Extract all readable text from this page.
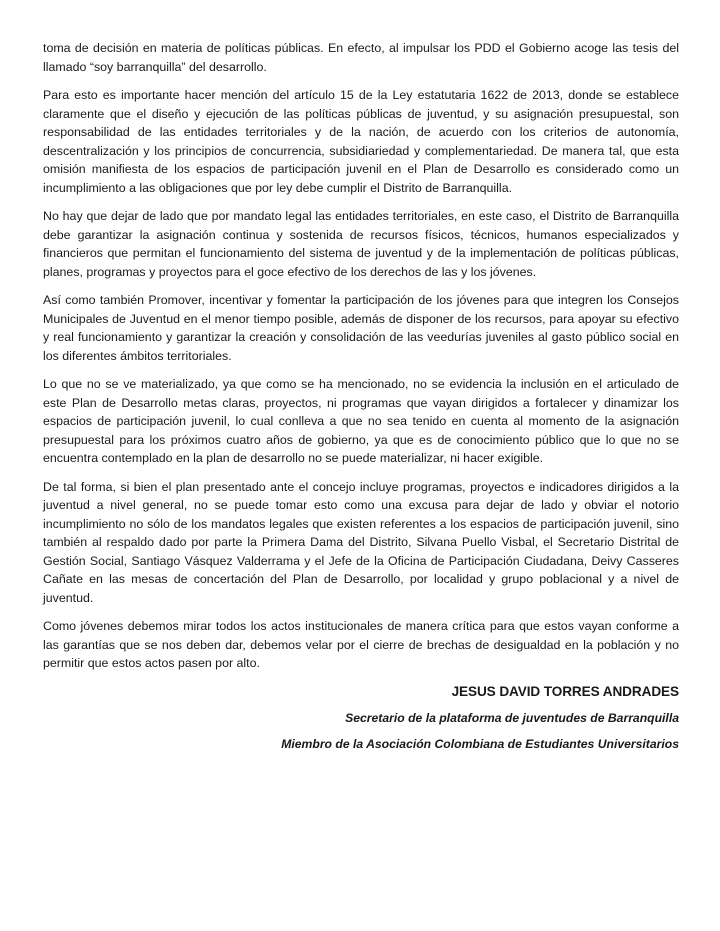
toma de decisión en materia de políticas públicas. En efecto, al impulsar los PDD el Gobierno acoge las tesis del llamado “soy barranquilla” del desarrollo.

Para esto es importante hacer mención del artículo 15 de la Ley estatutaria 1622 de 2013, donde se establece claramente que el diseño y ejecución de las políticas públicas de juventud, y su asignación presupuestal, son responsabilidad de las entidades territoriales y de la nación, de acuerdo con los criterios de autonomía, descentralización y los principios de concurrencia, subsidiariedad y complementariedad. De manera tal, que esta omisión manifiesta de los espacios de participación juvenil en el Plan de Desarrollo es considerado como un incumplimiento a las obligaciones que por ley debe cumplir el Distrito de Barranquilla.

No hay que dejar de lado que por mandato legal las entidades territoriales, en este caso, el Distrito de Barranquilla debe garantizar la asignación continua y sostenida de recursos físicos, técnicos, humanos especializados y financieros que permitan el funcionamiento del sistema de juventud y de la implementación de políticas públicas, planes, programas y proyectos para el goce efectivo de los derechos de las y los jóvenes.

Así como también Promover, incentivar y fomentar la participación de los jóvenes para que integren los Consejos Municipales de Juventud en el menor tiempo posible, además de disponer de los recursos, para apoyar su efectivo y real funcionamiento y garantizar la creación y consolidación de las veedurías juveniles al gasto público social en los diferentes ámbitos territoriales.

Lo que no se ve materializado, ya que como se ha mencionado, no se evidencia la inclusión en el articulado de este Plan de Desarrollo metas claras, proyectos, ni programas que vayan dirigidos a fortalecer y dinamizar los espacios de participación juvenil, lo cual conlleva a que no sea tenido en cuenta al momento de la asignación presupuestal para los próximos cuatro años de gobierno, ya que es de conocimiento público que lo que no se encuentra contemplado en la plan de desarrollo no se puede materializar, ni hacer exigible.

De tal forma, si bien el plan presentado ante el concejo incluye programas, proyectos e indicadores dirigidos a la juventud a nivel general, no se puede tomar esto como una excusa para dejar de lado y obviar el notorio incumplimiento no sólo de los mandatos legales que existen referentes a los espacios de participación juvenil, sino también al respaldo dado por parte la Primera Dama del Distrito, Silvana Puello Visbal, el Secretario Distrital de Gestión Social, Santiago Vásquez Valderrama y el Jefe de la Oficina de Participación Ciudadana, Deivy Casseres Cañate en las mesas de concertación del Plan de Desarrollo, por localidad y grupo poblacional y a nivel de juventud.

Como jóvenes debemos mirar todos los actos institucionales de manera crítica para que estos vayan conforme a las garantías que se nos deben dar, debemos velar por el cierre de brechas de desigualdad en la población y no permitir que estos actos pasen por alto.

JESUS DAVID TORRES ANDRADES
Secretario de la plataforma de juventudes de Barranquilla
Miembro de la Asociación Colombiana de Estudiantes Universitarios
